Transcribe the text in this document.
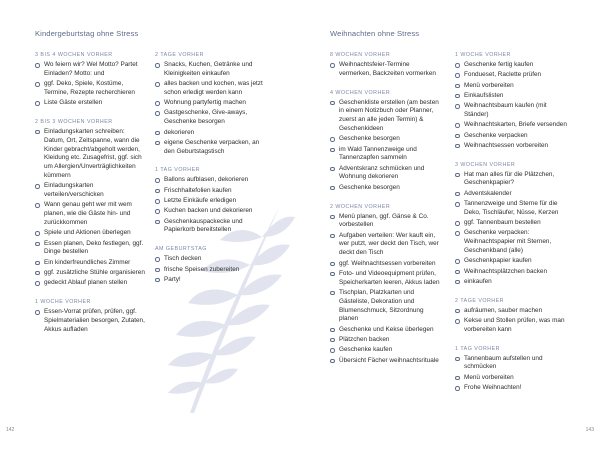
Kindergeburtstag ohne Stress
3 BIS 4 WOCHEN VORHER
Wo feiern wir? Wel Motto? Partet Einladen? Motto: und
ggf. Deko, Spiele, Kostüme, Termine, Rezepte recherchieren
Liste Gäste erstellen
2 BIS 3 WOCHEN VORHER
Einladungskarten schreiben: Datum, Ort, Zeitspanne, wann die Kinder gebracht/abgeholt werden, Kleidung etc. Zusagefrist, ggf. sich um Allergien/Unverträglichkeiten kümmern
Einladungskarten verteilen/verschicken
Wann genau geht wer mit wem planen, wie die Gäste hin- und zurückkommen
Spiele und Aktionen überlegen
Essen planen, Deko festlegen, ggf. Dinge bestellen
Ein kinderfreundliches Zimmer
ggf. zusätzliche Stühle organisieren
gedeckt Ablauf planen stellen
1 WOCHE VORHER
Essen-Vorrat prüfen, prüfen, ggf. Spielmaterialien besorgen, Zutaten, Akkus aufladen
2 TAGE VORHER
Snacks, Kuchen, Getränke und Kleinigkeiten einkaufen
alles backen und kochen, was jetzt schon erledigt werden kann
Wohnung partyfertig machen
Gastgeschenke, Give-aways, Geschenke besorgen
dekorieren
eigene Geschenke verpacken, an den Geburtstagstisch
1 TAG VORHER
Ballons aufblasen, dekorieren
Frischhaltefolien kaufen
Letzte Einkäufe erledigen
Kuchen backen und dekorieren
Geschenkauspackecke und Papierkorb bereitstellen
AM GEBURTSTAG
Tisch decken
frische Speisen zubereiten
Party!
142
Weihnachten ohne Stress
8 WOCHEN VORHER
Weihnachtsfeier-Termine vermerken, Backzeiten vormerken
4 WOCHEN VORHER
Geschenkliste erstellen (am besten in einem Notizbuch oder Planner, zuerst an alle jeden Termin) & Geschenkideen
Geschenke besorgen
im Wald Tannenzweige und Tannenzapfen sammeln
Adventskranz schmücken und Wohnung dekorieren
Geschenke besorgen
2 WOCHEN VORHER
Menü planen, ggf. Gänse & Co. vorbestellen
Aufgaben verteilen: Wer kauft ein, wer putzt, wer deckt den Tisch, wer deckt den Tisch
ggf. Weihnachtsessen vorbereiten
Foto- und Videoequipment prüfen, Speicherkarten leeren, Akkus laden
Tischplan, Platzkarten und Gästeliste, Dekoration und Blumenschmuck, Sitzordnung planen
Geschenke und Kekse überlegen
Plätzchen backen
Geschenke kaufen
Übersicht Fächer weihnachtsrituale
1 WOCHE VORHER
Geschenke fertig kaufen
Fondueset, Raclette prüfen
Menü vorbereiten
Einkaufslisten
Weihnachtsbaum kaufen (mit Ständer)
Weihnachtskarten, Briefe versenden
Geschenke verpacken
Weihnachtsessen vorbereiten
3 WOCHEN VORHER
Hat man alles für die Plätzchen, Geschenkpapier?
Adventskalender
Tannenzweige und Sterne für die Deko, Tischläufer, Nüsse, Kerzen
ggf. Tannenbaum bestellen
Geschenke verpacken: Weihnachtspapier mit Sternen, Geschenkband (alle)
Geschenkpapier kaufen
Weihnachtsplätzchen backen
einkaufen
2 TAGE VORHER
aufräumen, sauber machen
Kekse und Stollen prüfen, was man vorbereiten kann
1 TAG VORHER
Tannenbaum aufstellen und schmücken
Menü vorbereiten
Frohe Weihnachten!
143
